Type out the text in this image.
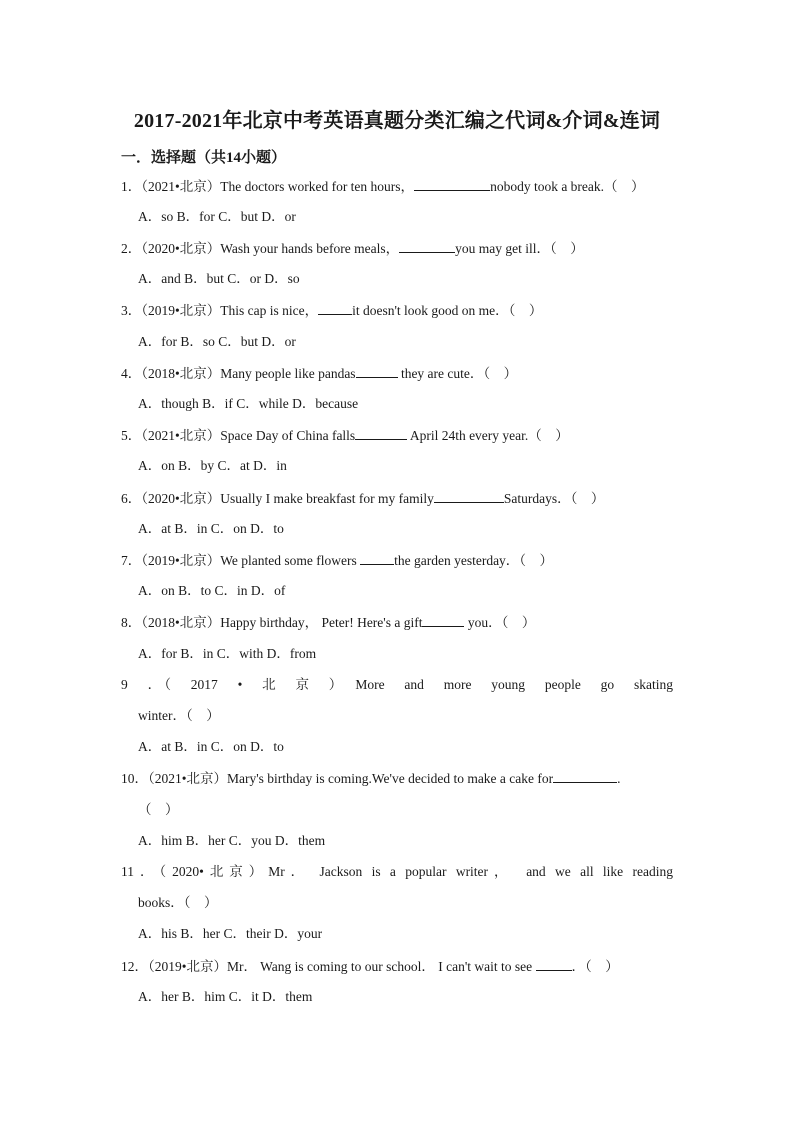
2017-2021年北京中考英语真题分类汇编之代词&介词&连词
一．选择题（共14小题）
1．（2021•北京）The doctors worked for ten hours，	nobody took a break.（　）
A．so B．for C．but D．or
2．（2020•北京）Wash your hands before meals，	you may get ill．（　）
A．and B．but C．or D．so
3．（2019•北京）This cap is nice，	it doesn't look good on me．（　）
A．for B．so C．but D．or
4．（2018•北京）Many people like pandas	they are cute．（　）
A．though B．if C．while D．because
5．（2021•北京）Space Day of China falls	April 24th every year.（　）
A．on B．by C．at D．in
6．（2020•北京）Usually I make breakfast for my family	Saturdays．（　）
A．at B．in C．on D．to
7．（2019•北京）We planted some flowers	the garden yesterday．（　）
A．on B．to C．in D．of
8．（2018•北京）Happy birthday， Peter! Here's a gift	you．（　）
A．for B．in C．with D．from
9　．（　2017　•　北　京　）　More　and　more　young　people　go　skating
winter．（　）
A．at B．in C．on D．to
10．（2021•北京）Mary's birthday is coming.We've decided to make a cake for	.
（　）
A．him B．her C．you D．them
11．（2020•北京）Mr． Jackson is a popular writer，　and we all like reading
books．（　）
A．his B．her C．their D．your
12．（2019•北京）Mr． Wang is coming to our school． I can't wait to see	．（　）
A．her B．him C．it D．them
